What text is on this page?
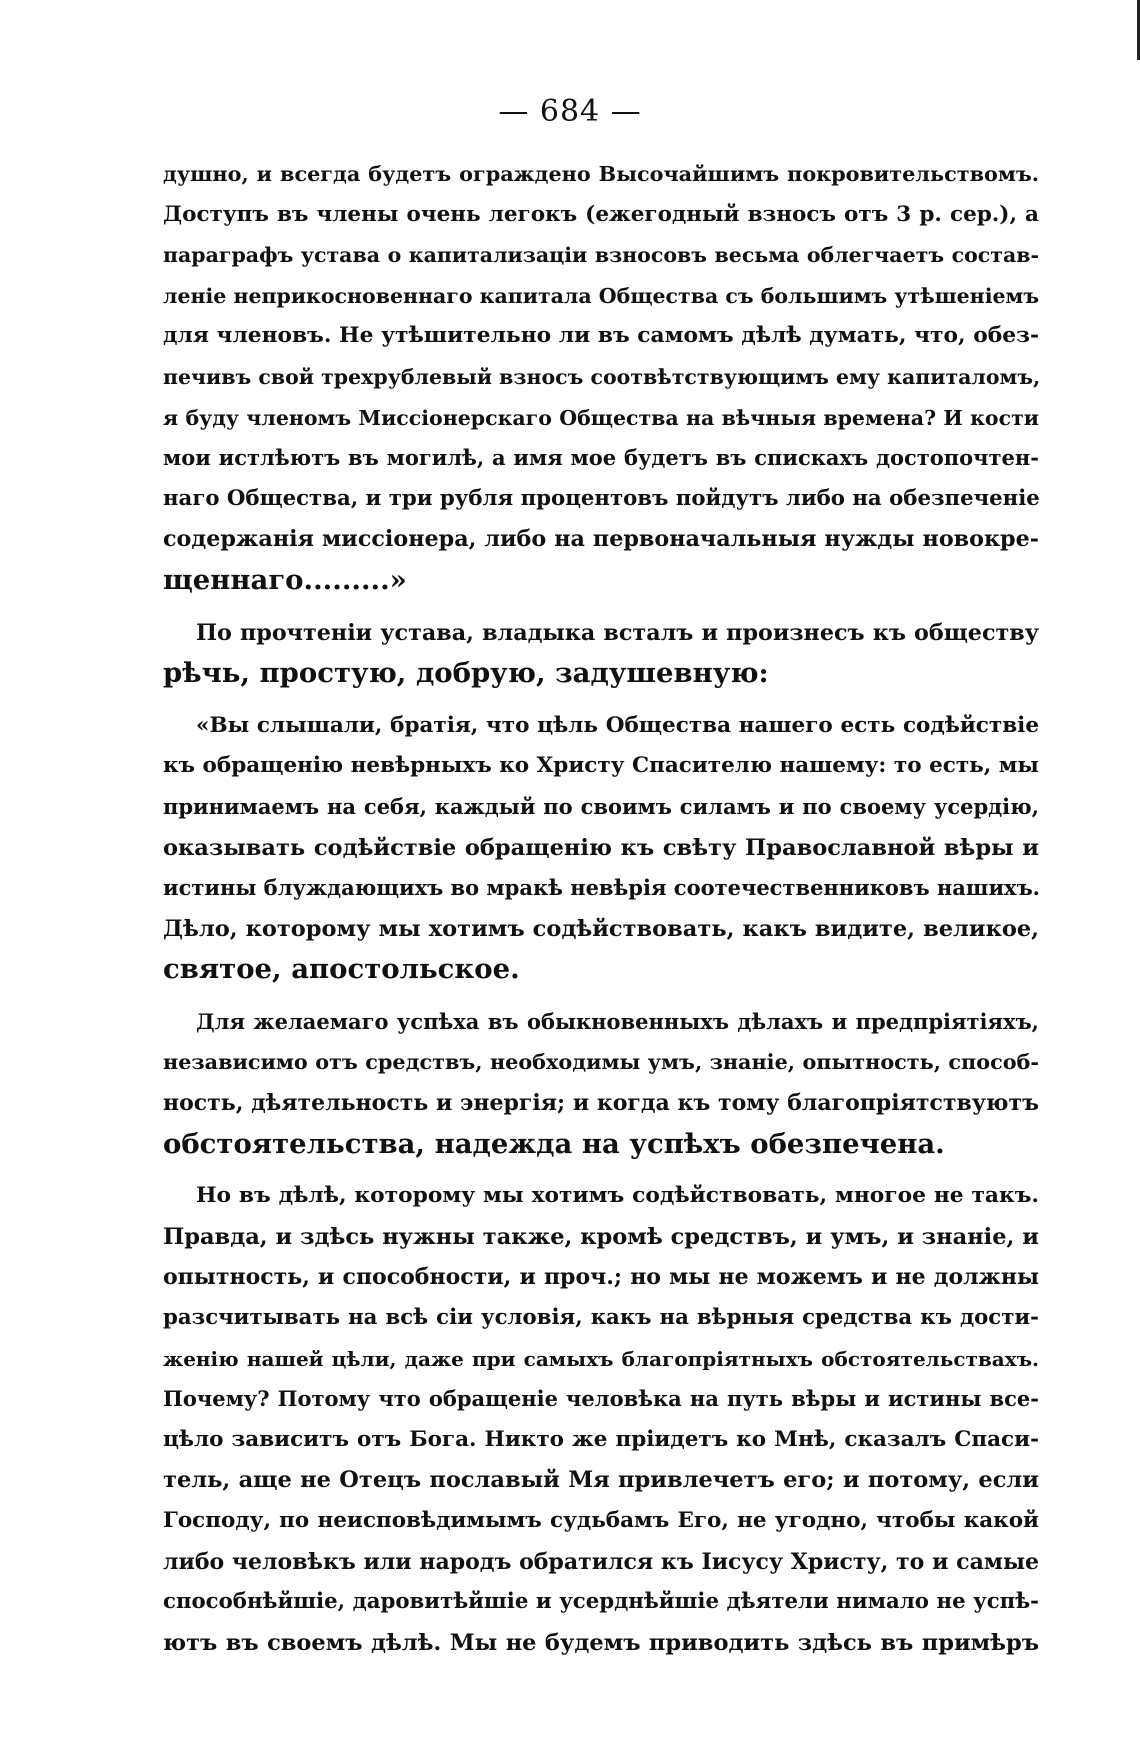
— 684 —
душно, и всегда будетъ ограждено Высочайшимъ покровительствомъ.
Доступъ въ члены очень легокъ (ежегодный взносъ отъ 3 р. сер.), а
параграфъ устава о капитализаціи взносовъ весьма облегчаетъ состав-
леніе неприкосновеннаго капитала Общества съ большимъ утѣшеніемъ
для членовъ. Не утѣшительно ли въ самомъ дѣлѣ думать, что, обез-
печивъ свой трехрублевый взносъ соотвѣтствующимъ ему капиталомъ,
я буду членомъ Миссіонерскаго Общества на вѣчныя времена? И кости
мои истлѣютъ въ могилѣ, а имя мое будетъ въ спискахъ достопочтен-
наго Общества, и три рубля процентовъ пойдутъ либо на обезпеченіе
содержанія миссіонера, либо на первоначальныя нужды новокре-
щеннаго.........»
По прочтеніи устава, владыка всталъ и произнесъ къ обществу
рѣчь, простую, добрую, задушевную:
«Вы слышали, братія, что цѣль Общества нашего есть содѣйствіе
къ обращенію невѣрныхъ ко Христу Спасителю нашему: то есть, мы
принимаемъ на себя, каждый по своимъ силамъ и по своему усердію,
оказывать содѣйствіе обращенію къ свѣту Православной вѣры и
истины блуждающихъ во мракѣ невѣрія соотечественниковъ нашихъ.
Дѣло, которому мы хотимъ содѣйствовать, какъ видите, великое,
святое, апостольское.
Для желаемаго успѣха въ обыкновенныхъ дѣлахъ и предпріятіяхъ,
независимо отъ средствъ, необходимы умъ, знаніе, опытность, способ-
ность, дѣятельность и энергія; и когда къ тому благопріятствуютъ
обстоятельства, надежда на успѣхъ обезпечена.
Но въ дѣлѣ, которому мы хотимъ содѣйствовать, многое не такъ.
Правда, и здѣсь нужны также, кромѣ средствъ, и умъ, и знаніе, и
опытность, и способности, и проч.; но мы не можемъ и не должны
разсчитывать на всѣ сіи условія, какъ на вѣрныя средства къ дости-
женію нашей цѣли, даже при самыхъ благопріятныхъ обстоятельствахъ.
Почему? Потому что обращеніе человѣка на путь вѣры и истины все-
цѣло зависитъ отъ Бога. Никто же пріидетъ ко Мнѣ, сказалъ Спаси-
тель, аще не Отецъ пославый Мя привлечетъ его; и потому, если
Господу, по неисповѣдимымъ судьбамъ Его, не угодно, чтобы какой
либо человѣкъ или народъ обратился къ Іисусу Христу, то и самые
способнѣйшіе, даровитѣйшіе и усерднѣйшіе дѣятели нимало не успѣ-
ютъ въ своемъ дѣлѣ. Мы не будемъ приводить здѣсь въ примѣръ
